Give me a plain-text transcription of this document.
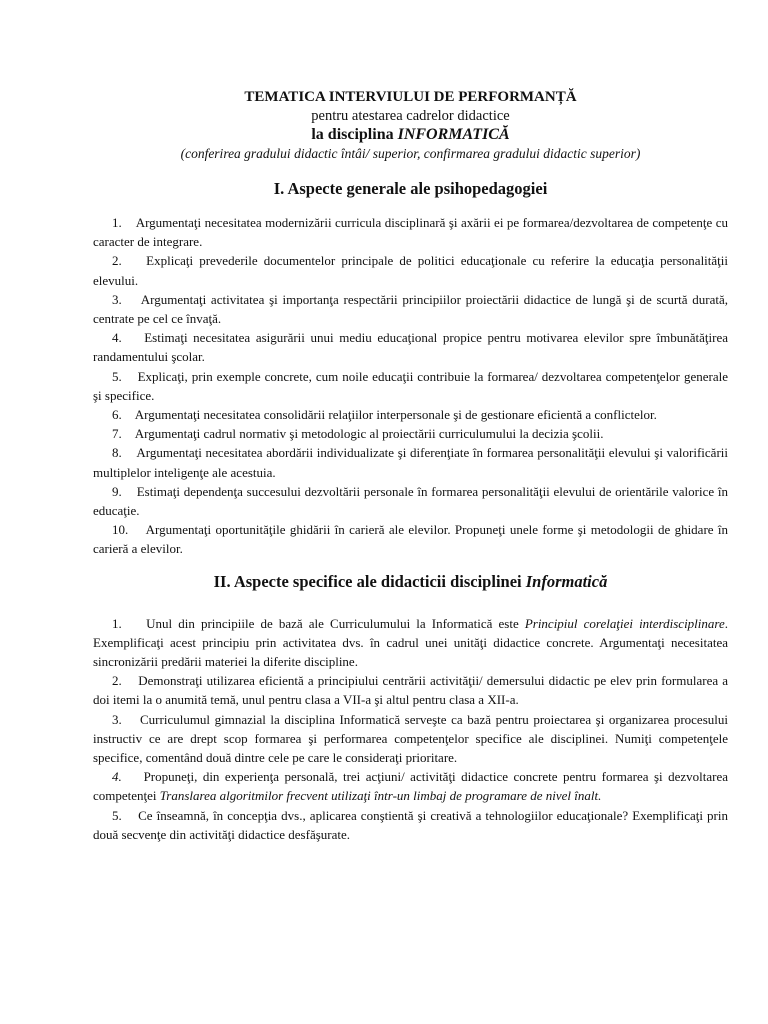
TEMATICA INTERVIULUI DE PERFORMANȚĂ
pentru atestarea cadrelor didactice
la disciplina INFORMATICĂ
(conferirea gradului didactic întâi/ superior, confirmarea gradului didactic superior)
I. Aspecte generale ale psihopedagogiei
1. Argumentaţi necesitatea modernizării curricula disciplinară şi axării ei pe formarea/dezvoltarea de competenţe cu caracter de integrare.
2. Explicaţi prevederile documentelor principale de politici educaţionale cu referire la educaţia personalităţii elevului.
3. Argumentaţi activitatea şi importanţa respectării principiilor proiectării didactice de lungă şi de scurtă durată, centrate pe cel ce învaţă.
4. Estimaţi necesitatea asigurării unui mediu educaţional propice pentru motivarea elevilor spre îmbunătăţirea randamentului şcolar.
5. Explicaţi, prin exemple concrete, cum noile educaţii contribuie la formarea/ dezvoltarea competenţelor generale şi specifice.
6. Argumentaţi necesitatea consolidării relaţiilor interpersonale şi de gestionare eficientă a conflictelor.
7. Argumentaţi cadrul normativ şi metodologic al proiectării curriculumului la decizia şcolii.
8. Argumentaţi necesitatea abordării individualizate şi diferenţiate în formarea personalităţii elevului şi valorificării multiplelor inteligenţe ale acestuia.
9. Estimaţi dependenţa succesului dezvoltării personale în formarea personalităţii elevului de orientările valorice în educaţie.
10. Argumentaţi oportunităţile ghidării în carieră ale elevilor. Propuneţi unele forme şi metodologii de ghidare în carieră a elevilor.
II. Aspecte specifice ale didacticii disciplinei Informatică
1. Unul din principiile de bază ale Curriculumului la Informatică este Principiul corelaţiei interdisciplinare. Exemplificaţi acest principiu prin activitatea dvs. în cadrul unei unităţi didactice concrete. Argumentaţi necesitatea sincronizării predării materiei la diferite discipline.
2. Demonstraţi utilizarea eficientă a principiului centrării activităţii/ demersului didactic pe elev prin formularea a doi itemi la o anumită temă, unul pentru clasa a VII-a şi altul pentru clasa a XII-a.
3. Curriculumul gimnazial la disciplina Informatică serveşte ca bază pentru proiectarea şi organizarea procesului instructiv ce are drept scop formarea şi performarea competenţelor specifice ale disciplinei. Numiţi competenţele specifice, comentând două dintre cele pe care le consideraţi prioritare.
4. Propuneţi, din experienţa personală, trei acţiuni/ activităţi didactice concrete pentru formarea şi dezvoltarea competenţei Translarea algoritmilor frecvent utilizaţi într-un limbaj de programare de nivel înalt.
5. Ce înseamnă, în concepţia dvs., aplicarea conştientă şi creativă a tehnologiilor educaţionale? Exemplificaţi prin două secvenţe din activităţi didactice desfăşurate.
